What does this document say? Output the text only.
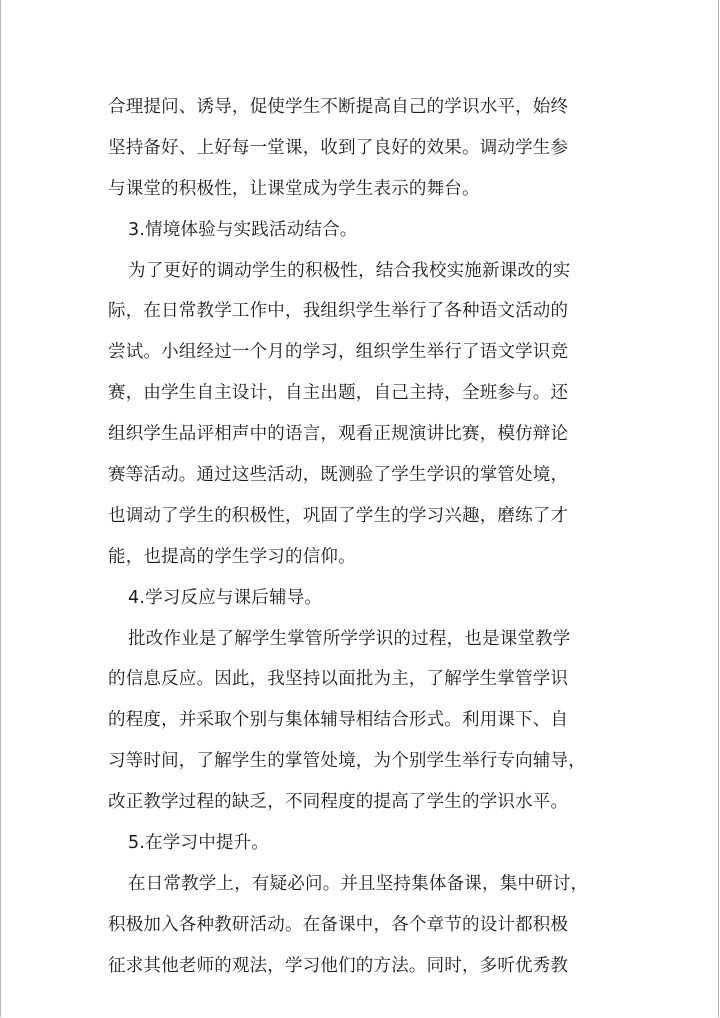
合理提问、诱导，促使学生不断提高自己的学识水平，始终
坚持备好、上好每一堂课，收到了良好的效果。调动学生参
与课堂的积极性，让课堂成为学生表示的舞台。
3.情境体验与实践活动结合。
为了更好的调动学生的积极性，结合我校实施新课改的实
际，在日常教学工作中，我组织学生举行了各种语文活动的
尝试。小组经过一个月的学习，组织学生举行了语文学识竞
赛，由学生自主设计，自主出题，自己主持，全班参与。还
组织学生品评相声中的语言，观看正规演讲比赛，模仿辩论
赛等活动。通过这些活动，既测验了学生学识的掌管处境，
也调动了学生的积极性，巩固了学生的学习兴趣，磨练了才
能，也提高的学生学习的信仰。
4.学习反应与课后辅导。
批改作业是了解学生掌管所学学识的过程，也是课堂教学
的信息反应。因此，我坚持以面批为主，了解学生掌管学识
的程度，并采取个别与集体辅导相结合形式。利用课下、自
习等时间，了解学生的掌管处境，为个别学生举行专向辅导，
改正教学过程的缺乏，不同程度的提高了学生的学识水平。
5.在学习中提升。
在日常教学上，有疑必问。并且坚持集体备课，集中研讨，
积极加入各种教研活动。在备课中，各个章节的设计都积极
征求其他老师的观法，学习他们的方法。同时，多听优秀教
